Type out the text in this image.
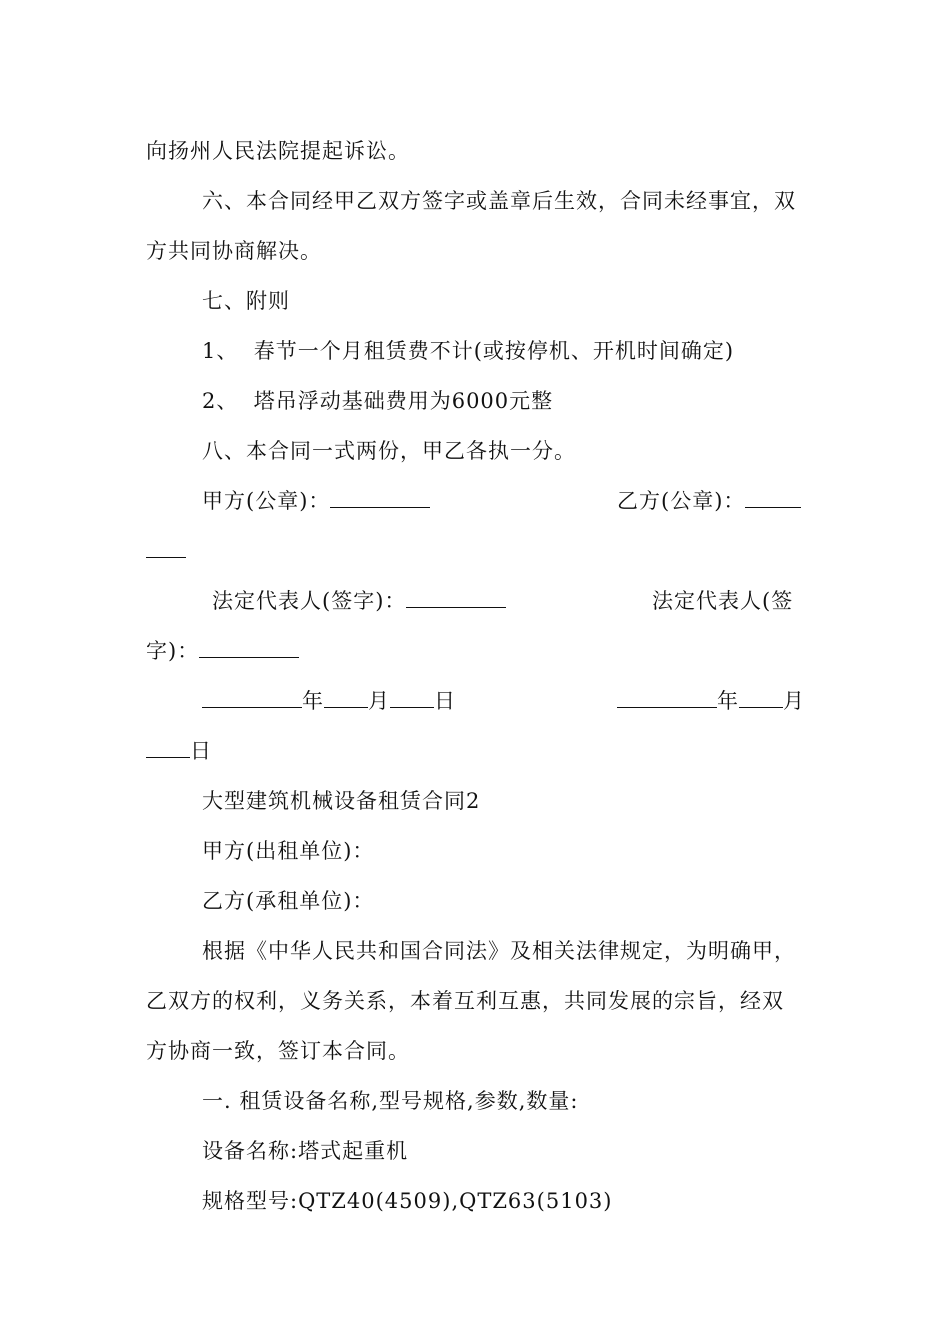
向扬州人民法院提起诉讼。
六、本合同经甲乙双方签字或盖章后生效，合同未经事宜，双
方共同协商解决。
七、附则
1、  春节一个月租赁费不计(或按停机、开机时间确定)
2、  塔吊浮动基础费用为6000元整
八、本合同一式两份，甲乙各执一分。
甲方(公章)：	乙方(公章)：
法定代表人(签字)：	法定代表人(签
字)：
年 月 日	年 月
日
大型建筑机械设备租赁合同2
甲方(出租单位)：
乙方(承租单位)：
根据《中华人民共和国合同法》及相关法律规定，为明确甲，
乙双方的权利，义务关系，本着互利互惠，共同发展的宗旨，经双
方协商一致，签订本合同。
一. 租赁设备名称,型号规格,参数,数量:
设备名称:塔式起重机
规格型号:QTZ40(4509),QTZ63(5103)
